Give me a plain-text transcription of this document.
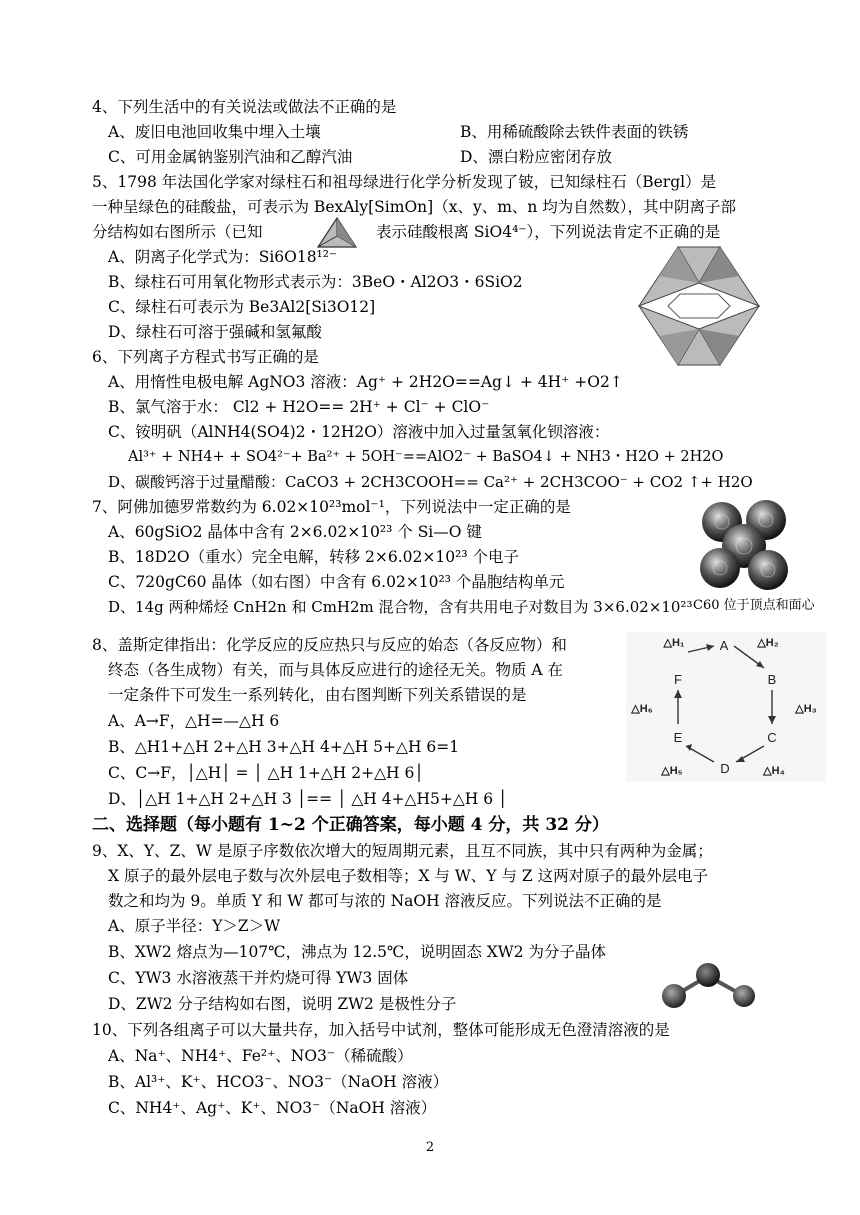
4、下列生活中的有关说法或做法不正确的是
A、废旧电池回收集中埋入土壤	B、用稀硫酸除去铁件表面的铁锈
C、可用金属钠鉴别汽油和乙醇汽油	D、漂白粉应密闭存放
5、1798 年法国化学家对绿柱石和祖母绿进行化学分析发现了铍，已知绿柱石（Bergl）是
一种呈绿色的硅酸盐，可表示为 BexAly[SimOn]（x、y、m、n 均为自然数），其中阴离子部
分结构如右图所示（已知	表示硅酸根离 SiO4⁴⁻），下列说法肯定不正确的是
A、阴离子化学式为：Si6O18¹²⁻
B、绿柱石可用氧化物形式表示为：3BeO・Al2O3・6SiO2
C、绿柱石可表示为 Be3Al2[Si3O12]
D、绿柱石可溶于强碱和氢氟酸
6、下列离子方程式书写正确的是
A、用惰性电极电解 AgNO3 溶液：Ag⁺ + 2H2O==Ag↓ + 4H⁺ +O2↑
B、氯气溶于水： Cl2 + H2O== 2H⁺ + Cl⁻ + ClO⁻
C、铵明矾（AlNH4(SO4)2・12H2O）溶液中加入过量氢氧化钡溶液：
Al³⁺ + NH4+ + SO4²⁻+ Ba²⁺ + 5OH⁻==AlO2⁻ + BaSO4↓ + NH3・H2O + 2H2O
D、碳酸钙溶于过量醋酸：CaCO3 + 2CH3COOH== Ca²⁺ + 2CH3COO⁻ + CO2 ↑+ H2O
7、阿佛加德罗常数约为 6.02×10²³mol⁻¹，下列说法中一定正确的是
A、60gSiO2 晶体中含有 2×6.02×10²³ 个 Si—O 键
B、18D2O（重水）完全电解，转移 2×6.02×10²³ 个电子
C、720gC60 晶体（如右图）中含有 6.02×10²³ 个晶胞结构单元
D、14g 两种烯烃 CnH2n 和 CmH2m 混合物，含有共用电子对数目为 3×6.02×10²³ C60 位于顶点和面心
8、盖斯定律指出：化学反应的反应热只与反应的始态（各反应物）和
终态（各生成物）有关，而与具体反应进行的途径无关。物质 A 在
一定条件下可发生一系列转化，由右图判断下列关系错误的是
A、A→F，△H=—△H 6
B、△H1+△H 2+△H 3+△H 4+△H 5+△H 6=1
C、C→F，│△H│ = │ △H 1+△H 2+△H 6│
D、│△H 1+△H 2+△H 3 │== │ △H 4+△H5+△H 6 │
A
B
C
D
E
F
△H₁	△H₂
△H₃
△H₄
△H₅
△H₆
二、选择题（每小题有 1~2 个正确答案，每小题 4 分，共 32 分）
9、X、Y、Z、W 是原子序数依次增大的短周期元素，且互不同族，其中只有两种为金属；
X 原子的最外层电子数与次外层电子数相等；X 与 W、Y 与 Z 这两对原子的最外层电子
数之和均为 9。单质 Y 和 W 都可与浓的 NaOH 溶液反应。下列说法不正确的是
A、原子半径：Y＞Z＞W
B、XW2 熔点为—107℃，沸点为 12.5℃，说明固态 XW2 为分子晶体
C、YW3 水溶液蒸干并灼烧可得 YW3 固体
D、ZW2 分子结构如右图，说明 ZW2 是极性分子
10、下列各组离子可以大量共存，加入括号中试剂，整体可能形成无色澄清溶液的是
A、Na⁺、NH4⁺、Fe²⁺、NO3⁻（稀硫酸）
B、Al³⁺、K⁺、HCO3⁻、NO3⁻（NaOH 溶液）
C、NH4⁺、Ag⁺、K⁺、NO3⁻（NaOH 溶液）
2
